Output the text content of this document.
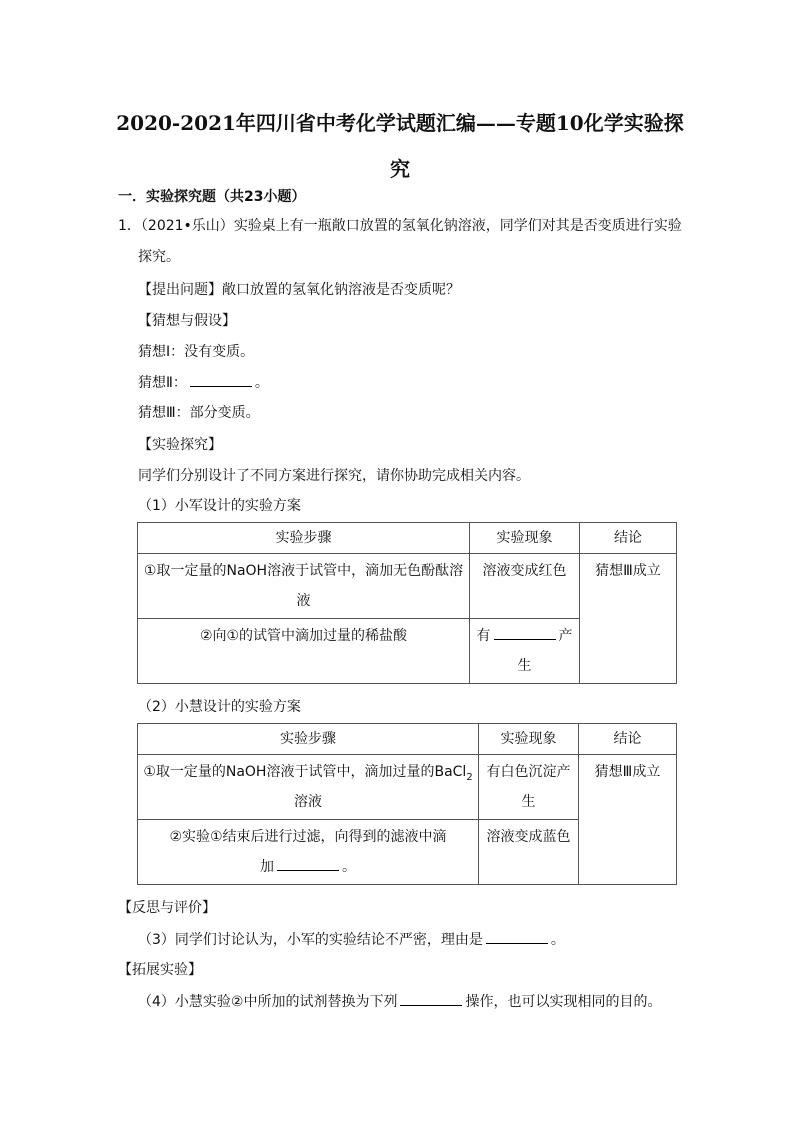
2020-2021年四川省中考化学试题汇编——专题10化学实验探
究
一．实验探究题（共23小题）
1．（2021•乐山）实验桌上有一瓶敞口放置的氢氧化钠溶液，同学们对其是否变质进行实验
探究。
【提出问题】敞口放置的氢氧化钠溶液是否变质呢？
【猜想与假设】
猜想Ⅰ：没有变质。
猜想Ⅱ：	。
猜想Ⅲ：部分变质。
【实验探究】
同学们分别设计了不同方案进行探究，请你协助完成相关内容。
（1）小军设计的实验方案
实验步骤	实验现象	结论
①取一定量的NaOH溶液于试管中，滴加无色酚酞溶液	溶液变成红色	猜想Ⅲ成立
②向①的试管中滴加过量的稀盐酸	有 产生	
（2）小慧设计的实验方案
实验步骤	实验现象	结论
①取一定量的NaOH溶液于试管中，滴加过量的BaCl$_2$溶液	有白色沉淀产生	猜想Ⅲ成立
②实验①结束后进行过滤，向得到的滤液中滴
加 。	溶液变成蓝色	
【反思与评价】
（3）同学们讨论认为，小军的实验结论不严密，理由是	。
【拓展实验】
（4）小慧实验②中所加的试剂替换为下列	操作，也可以实现相同的目的。
